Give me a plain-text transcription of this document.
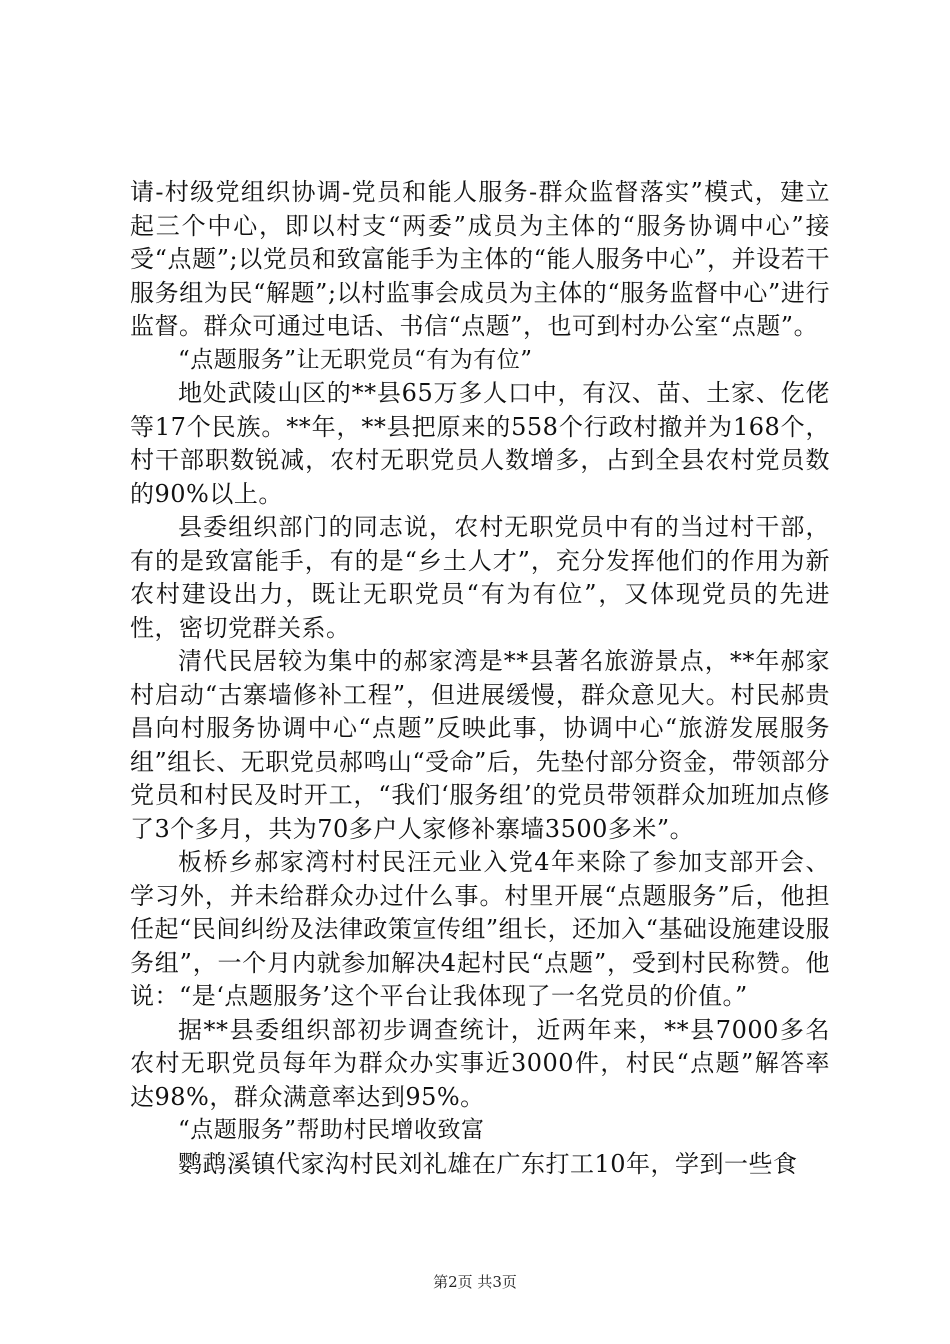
请-村级党组织协调-党员和能人服务-群众监督落实”模式，建立起三个中心，即以村支“两委”成员为主体的“服务协调中心”接受“点题”;以党员和致富能手为主体的“能人服务中心”，并设若干服务组为民“解题”;以村监事会成员为主体的“服务监督中心”进行监督。群众可通过电话、书信“点题”，也可到村办公室“点题”。

“点题服务”让无职党员“有为有位”

地处武陵山区的**县65万多人口中，有汉、苗、土家、仡佬等17个民族。**年，**县把原来的558个行政村撤并为168个，村干部职数锐减，农村无职党员人数增多，占到全县农村党员数的90%以上。

县委组织部门的同志说，农村无职党员中有的当过村干部，有的是致富能手，有的是“乡土人才”，充分发挥他们的作用为新农村建设出力，既让无职党员“有为有位”，又体现党员的先进性，密切党群关系。

清代民居较为集中的郝家湾是**县著名旅游景点，**年郝家村启动“古寨墙修补工程”，但进展缓慢，群众意见大。村民郝贵昌向村服务协调中心“点题”反映此事，协调中心“旅游发展服务组”组长、无职党员郝鸣山“受命”后，先垫付部分资金，带领部分党员和村民及时开工，“我们‘服务组’的党员带领群众加班加点修了3个多月，共为70多户人家修补寨墙3500多米”。

板桥乡郝家湾村村民汪元业入党4年来除了参加支部开会、学习外，并未给群众办过什么事。村里开展“点题服务”后，他担任起“民间纠纷及法律政策宣传组”组长，还加入“基础设施建设服务组”，一个月内就参加解决4起村民“点题”，受到村民称赞。他说：“是‘点题服务’这个平台让我体现了一名党员的价值。”

据**县委组织部初步调查统计，近两年来，**县7000多名农村无职党员每年为群众办实事近3000件，村民“点题”解答率达98%，群众满意率达到95%。

“点题服务”帮助村民增收致富

鹦鹉溪镇代家沟村民刘礼雄在广东打工10年，学到一些食

第2页 共3页
